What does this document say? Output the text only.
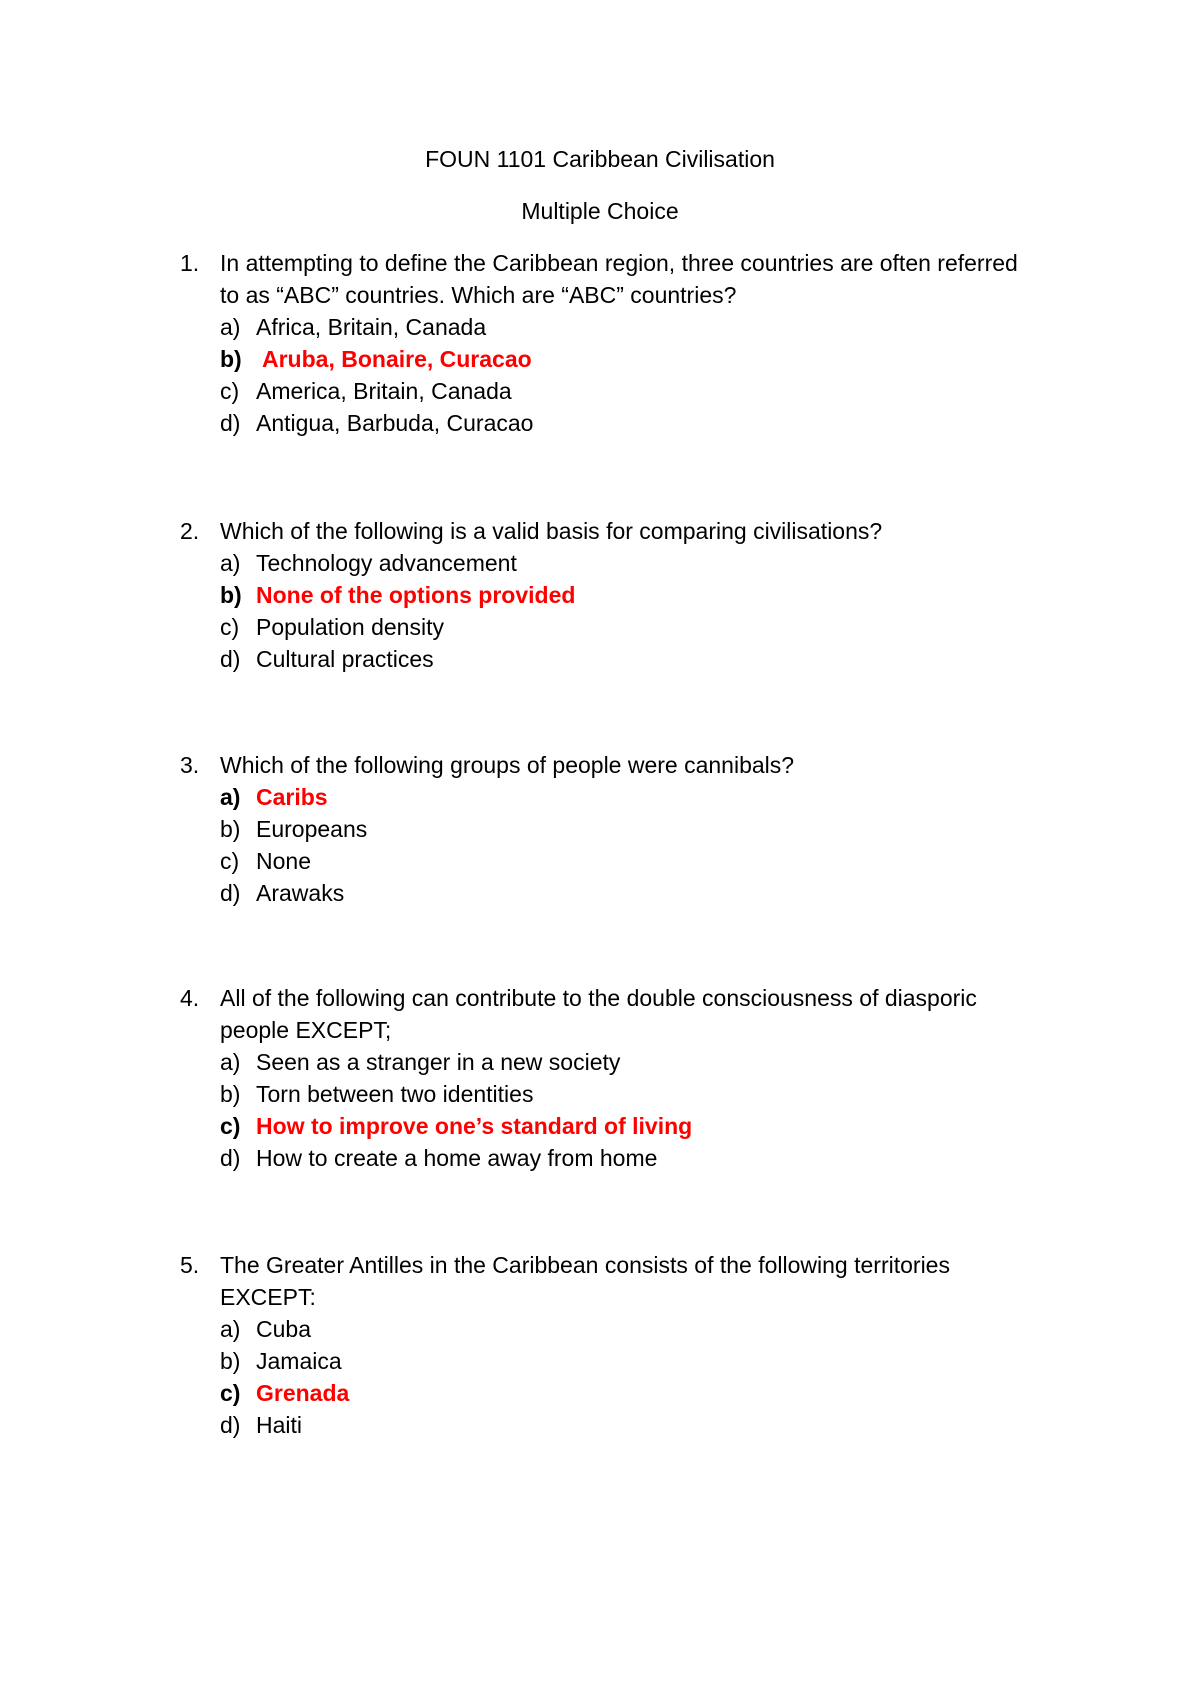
FOUN 1101 Caribbean Civilisation
Multiple Choice
1. In attempting to define the Caribbean region, three countries are often referred to as “ABC” countries. Which are “ABC” countries?
a) Africa, Britain, Canada
b) Aruba, Bonaire, Curacao
c) America, Britain, Canada
d) Antigua, Barbuda, Curacao
2. Which of the following is a valid basis for comparing civilisations?
a) Technology advancement
b) None of the options provided
c) Population density
d) Cultural practices
3. Which of the following groups of people were cannibals?
a) Caribs
b) Europeans
c) None
d) Arawaks
4. All of the following can contribute to the double consciousness of diasporic people EXCEPT;
a) Seen as a stranger in a new society
b) Torn between two identities
c) How to improve one’s standard of living
d) How to create a home away from home
5. The Greater Antilles in the Caribbean consists of the following territories EXCEPT:
a) Cuba
b) Jamaica
c) Grenada
d) Haiti
